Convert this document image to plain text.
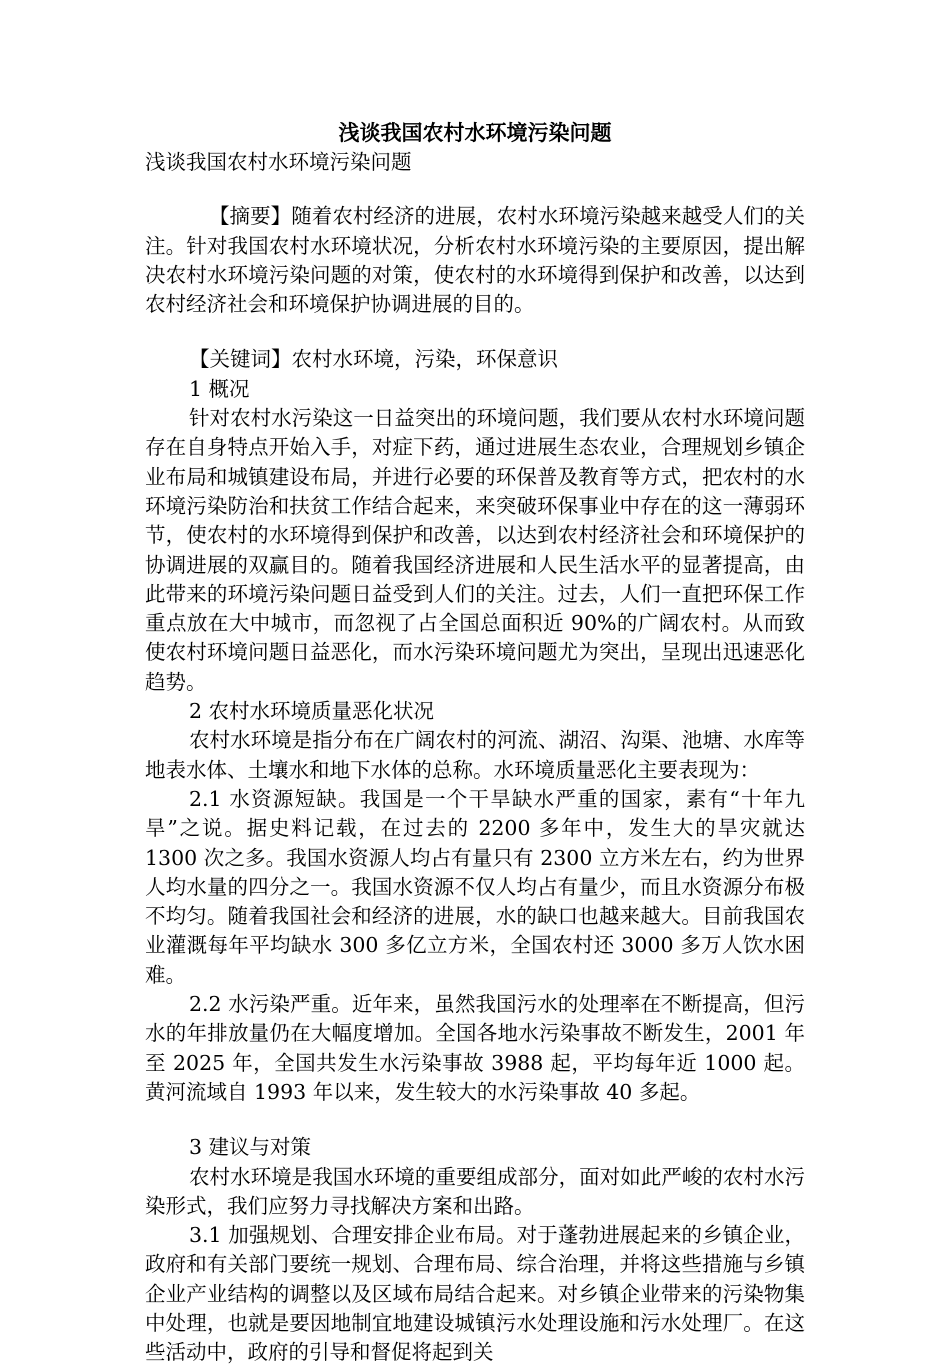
浅谈我国农村水环境污染问题

浅谈我国农村水环境污染问题

【摘要】随着农村经济的进展，农村水环境污染越来越受人们的关注。针对我国农村水环境状况，分析农村水环境污染的主要原因，提出解决农村水环境污染问题的对策，使农村的水环境得到保护和改善，以达到农村经济社会和环境保护协调进展的目的。

【关键词】农村水环境，污染，环保意识

1 概况

针对农村水污染这一日益突出的环境问题，我们要从农村水环境问题存在自身特点开始入手，对症下药，通过进展生态农业，合理规划乡镇企业布局和城镇建设布局，并进行必要的环保普及教育等方式，把农村的水环境污染防治和扶贫工作结合起来，来突破环保事业中存在的这一薄弱环节，使农村的水环境得到保护和改善，以达到农村经济社会和环境保护的协调进展的双赢目的。随着我国经济进展和人民生活水平的显著提高，由此带来的环境污染问题日益受到人们的关注。过去，人们一直把环保工作重点放在大中城市，而忽视了占全国总面积近 90%的广阔农村。从而致使农村环境问题日益恶化，而水污染环境问题尤为突出，呈现出迅速恶化趋势。

2 农村水环境质量恶化状况

农村水环境是指分布在广阔农村的河流、湖沼、沟渠、池塘、水库等地表水体、土壤水和地下水体的总称。水环境质量恶化主要表现为：

2.1 水资源短缺。我国是一个干旱缺水严重的国家，素有“十年九旱”之说。据史料记载，在过去的 2200 多年中，发生大的旱灾就达 1300 次之多。我国水资源人均占有量只有 2300 立方米左右，约为世界人均水量的四分之一。我国水资源不仅人均占有量少，而且水资源分布极不均匀。随着我国社会和经济的进展，水的缺口也越来越大。目前我国农业灌溉每年平均缺水 300 多亿立方米，全国农村还 3000 多万人饮水困难。

2.2 水污染严重。近年来，虽然我国污水的处理率在不断提高，但污水的年排放量仍在大幅度增加。全国各地水污染事故不断发生，2001 年至 2025 年，全国共发生水污染事故 3988 起，平均每年近 1000 起。黄河流域自 1993 年以来，发生较大的水污染事故 40 多起。

3 建议与对策

农村水环境是我国水环境的重要组成部分，面对如此严峻的农村水污染形式，我们应努力寻找解决方案和出路。

3.1 加强规划、合理安排企业布局。对于蓬勃进展起来的乡镇企业，政府和有关部门要统一规划、合理布局、综合治理，并将这些措施与乡镇企业产业结构的调整以及区域布局结合起来。对乡镇企业带来的污染物集中处理，也就是要因地制宜地建设城镇污水处理设施和污水处理厂。在这些活动中，政府的引导和督促将起到关
